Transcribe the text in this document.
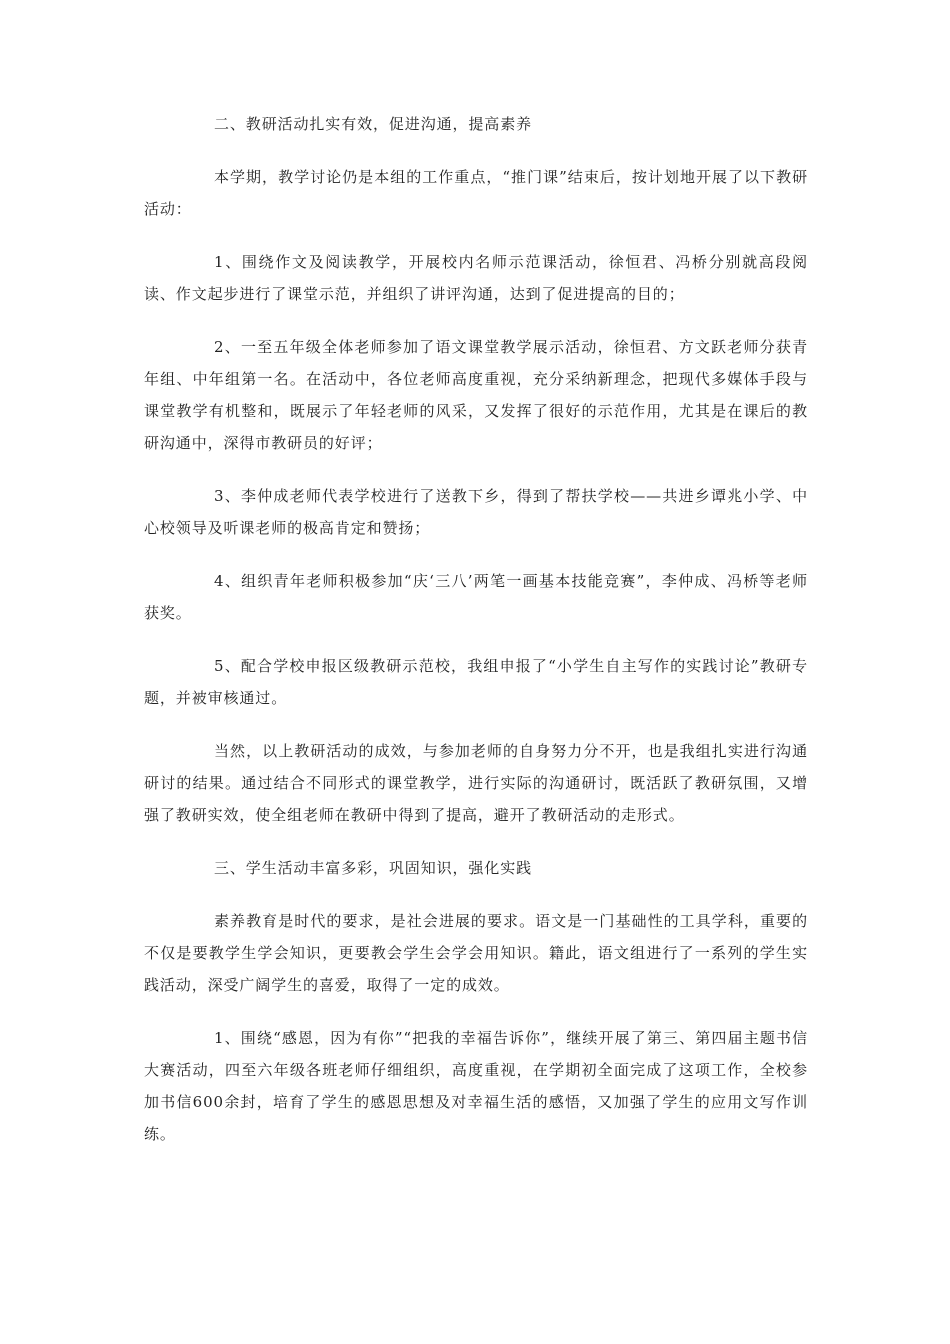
二、教研活动扎实有效，促进沟通，提高素养

本学期，教学讨论仍是本组的工作重点，“推门课”结束后，按计划地开展了以下教研活动：

1、围绕作文及阅读教学，开展校内名师示范课活动，徐恒君、冯桥分别就高段阅读、作文起步进行了课堂示范，并组织了讲评沟通，达到了促进提高的目的；

2、一至五年级全体老师参加了语文课堂教学展示活动，徐恒君、方文跃老师分获青年组、中年组第一名。在活动中，各位老师高度重视，充分采纳新理念，把现代多媒体手段与课堂教学有机整和，既展示了年轻老师的风采，又发挥了很好的示范作用，尤其是在课后的教研沟通中，深得市教研员的好评；

3、李仲成老师代表学校进行了送教下乡，得到了帮扶学校——共进乡谭兆小学、中心校领导及听课老师的极高肯定和赞扬；

4、组织青年老师积极参加“庆‘三八’两笔一画基本技能竞赛”，李仲成、冯桥等老师获奖。

5、配合学校申报区级教研示范校，我组申报了“小学生自主写作的实践讨论”教研专题，并被审核通过。

当然，以上教研活动的成效，与参加老师的自身努力分不开，也是我组扎实进行沟通研讨的结果。通过结合不同形式的课堂教学，进行实际的沟通研讨，既活跃了教研氛围，又增强了教研实效，使全组老师在教研中得到了提高，避开了教研活动的走形式。

三、学生活动丰富多彩，巩固知识，强化实践

素养教育是时代的要求，是社会进展的要求。语文是一门基础性的工具学科，重要的不仅是要教学生学会知识，更要教会学生会学会用知识。籍此，语文组进行了一系列的学生实践活动，深受广阔学生的喜爱，取得了一定的成效。

1、围绕“感恩，因为有你”“把我的幸福告诉你”，继续开展了第三、第四届主题书信大赛活动，四至六年级各班老师仔细组织，高度重视，在学期初全面完成了这项工作，全校参加书信600余封，培育了学生的感恩思想及对幸福生活的感悟，又加强了学生的应用文写作训练。
